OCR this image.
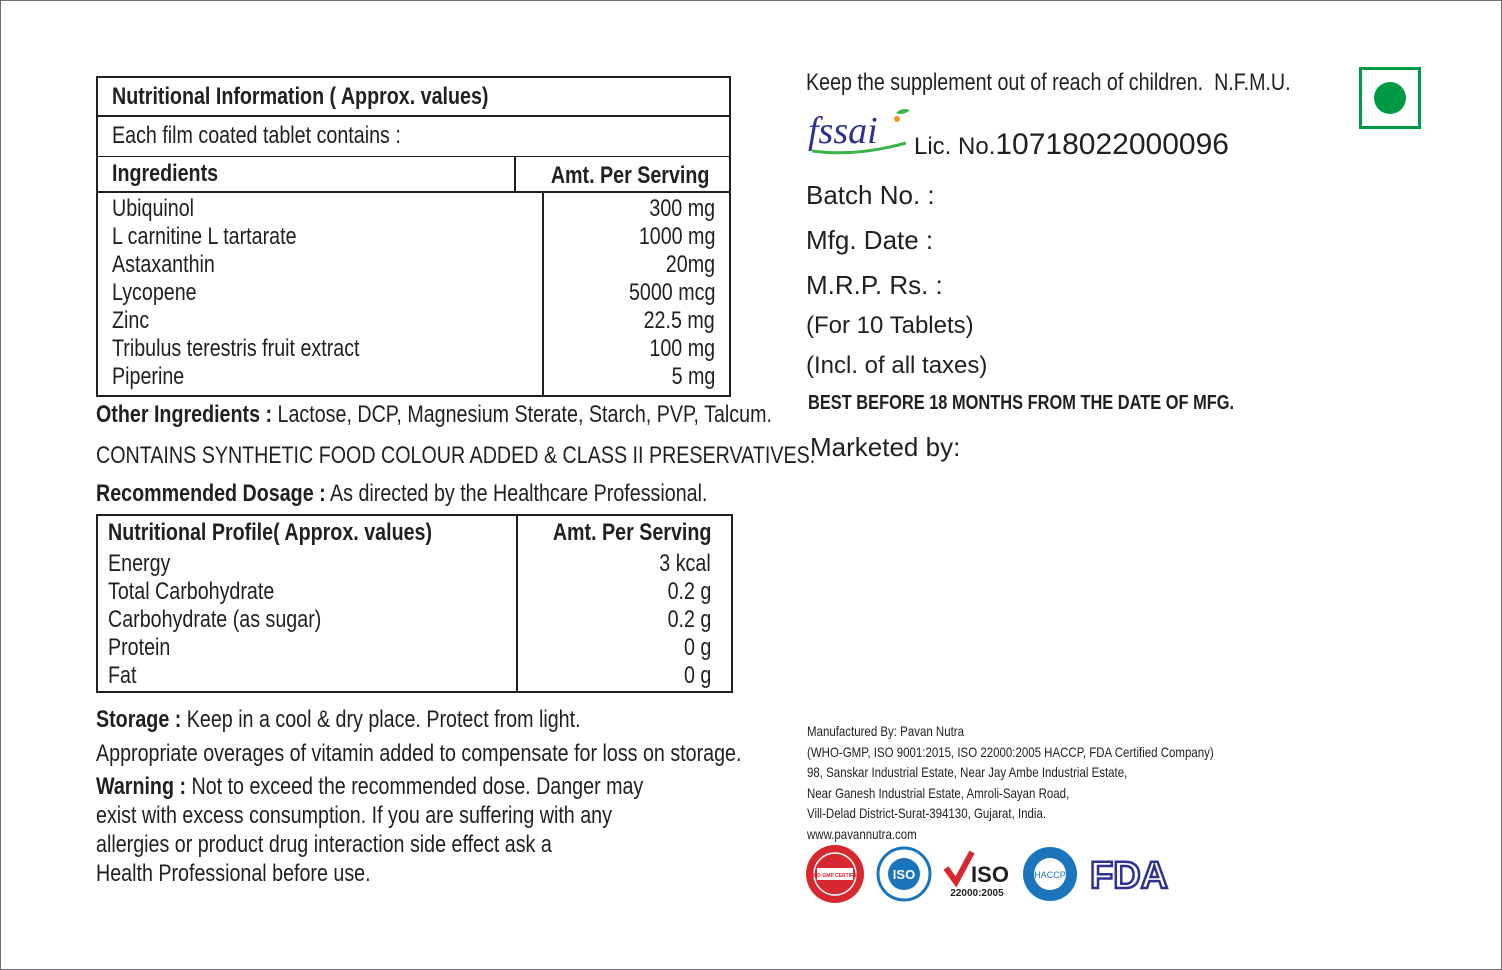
Nutritional Information ( Approx. values)
Each film coated tablet contains :
Ingredients	Amt. Per Serving
Ubiquinol
L carnitine L tartarate
Astaxanthin
Lycopene
Zinc
Tribulus terestris fruit extract
Piperine
300 mg
1000 mg
20mg
5000 mcg
22.5 mg
100 mg
5 mg
Other Ingredients : Lactose, DCP, Magnesium Sterate, Starch, PVP, Talcum.
CONTAINS SYNTHETIC FOOD COLOUR ADDED & CLASS II PRESERVATIVES.
Recommended Dosage : As directed by the Healthcare Professional.
Nutritional Profile( Approx. values)
Energy
Total Carbohydrate
Carbohydrate (as sugar)
Protein
Fat
Amt. Per Serving
3 kcal
0.2 g
0.2 g
0 g
0 g
Storage : Keep in a cool & dry place. Protect from light.
Appropriate overages of vitamin added to compensate for loss on storage.
Warning : Not to exceed the recommended dose. Danger may
exist with excess consumption. If you are suffering with any
allergies or product drug interaction side effect ask a
Health Professional before use.
Keep the supplement out of reach of children. N.F.M.U.
fssai Lic. No.10718022000096
Batch No. :
Mfg. Date :
M.R.P. Rs. :
(For 10 Tablets)
(Incl. of all taxes)
BEST BEFORE 18 MONTHS FROM THE DATE OF MFG.
Marketed by:
Manufactured By: Pavan Nutra
(WHO-GMP, ISO 9001:2015, ISO 22000:2005 HACCP, FDA Certified Company)
98, Sanskar Industrial Estate, Near Jay Ambe Industrial Estate,
Near Ganesh Industrial Estate, Amroli-Sayan Road,
Vill-Delad District-Surat-394130, Gujarat, India.
www.pavannutra.com
WHO-GMP CERTIFIED ISO	ISO
22000:2005
HACCP FDA
